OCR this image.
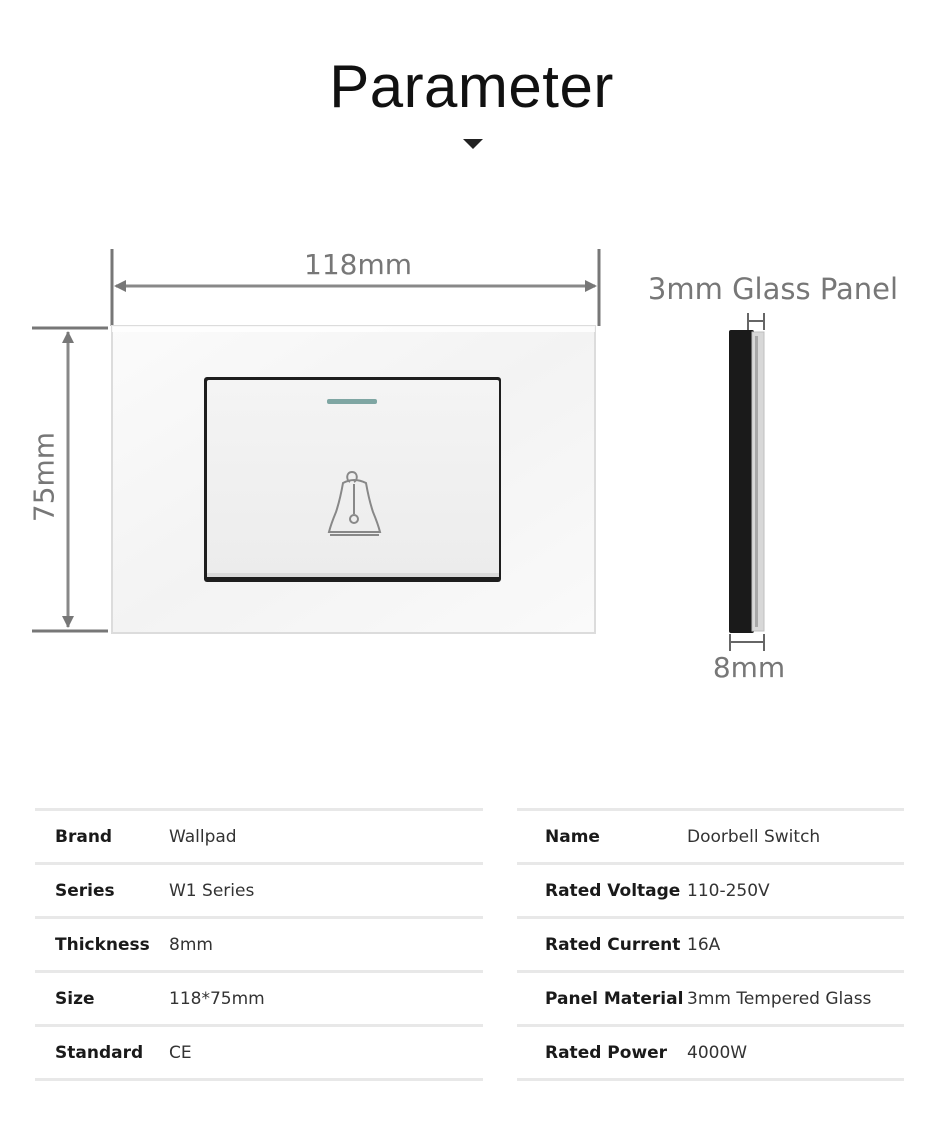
Parameter
118mm
75mm
3mm Glass Panel
8mm
Brand	Wallpad
Series	W1 Series
Thickness	8mm
Size	118*75mm
Standard	CE
Name	Doorbell Switch
Rated Voltage 110-250V
Rated Current 16A
Panel Material 3mm Tempered Glass
Rated Power	4000W
